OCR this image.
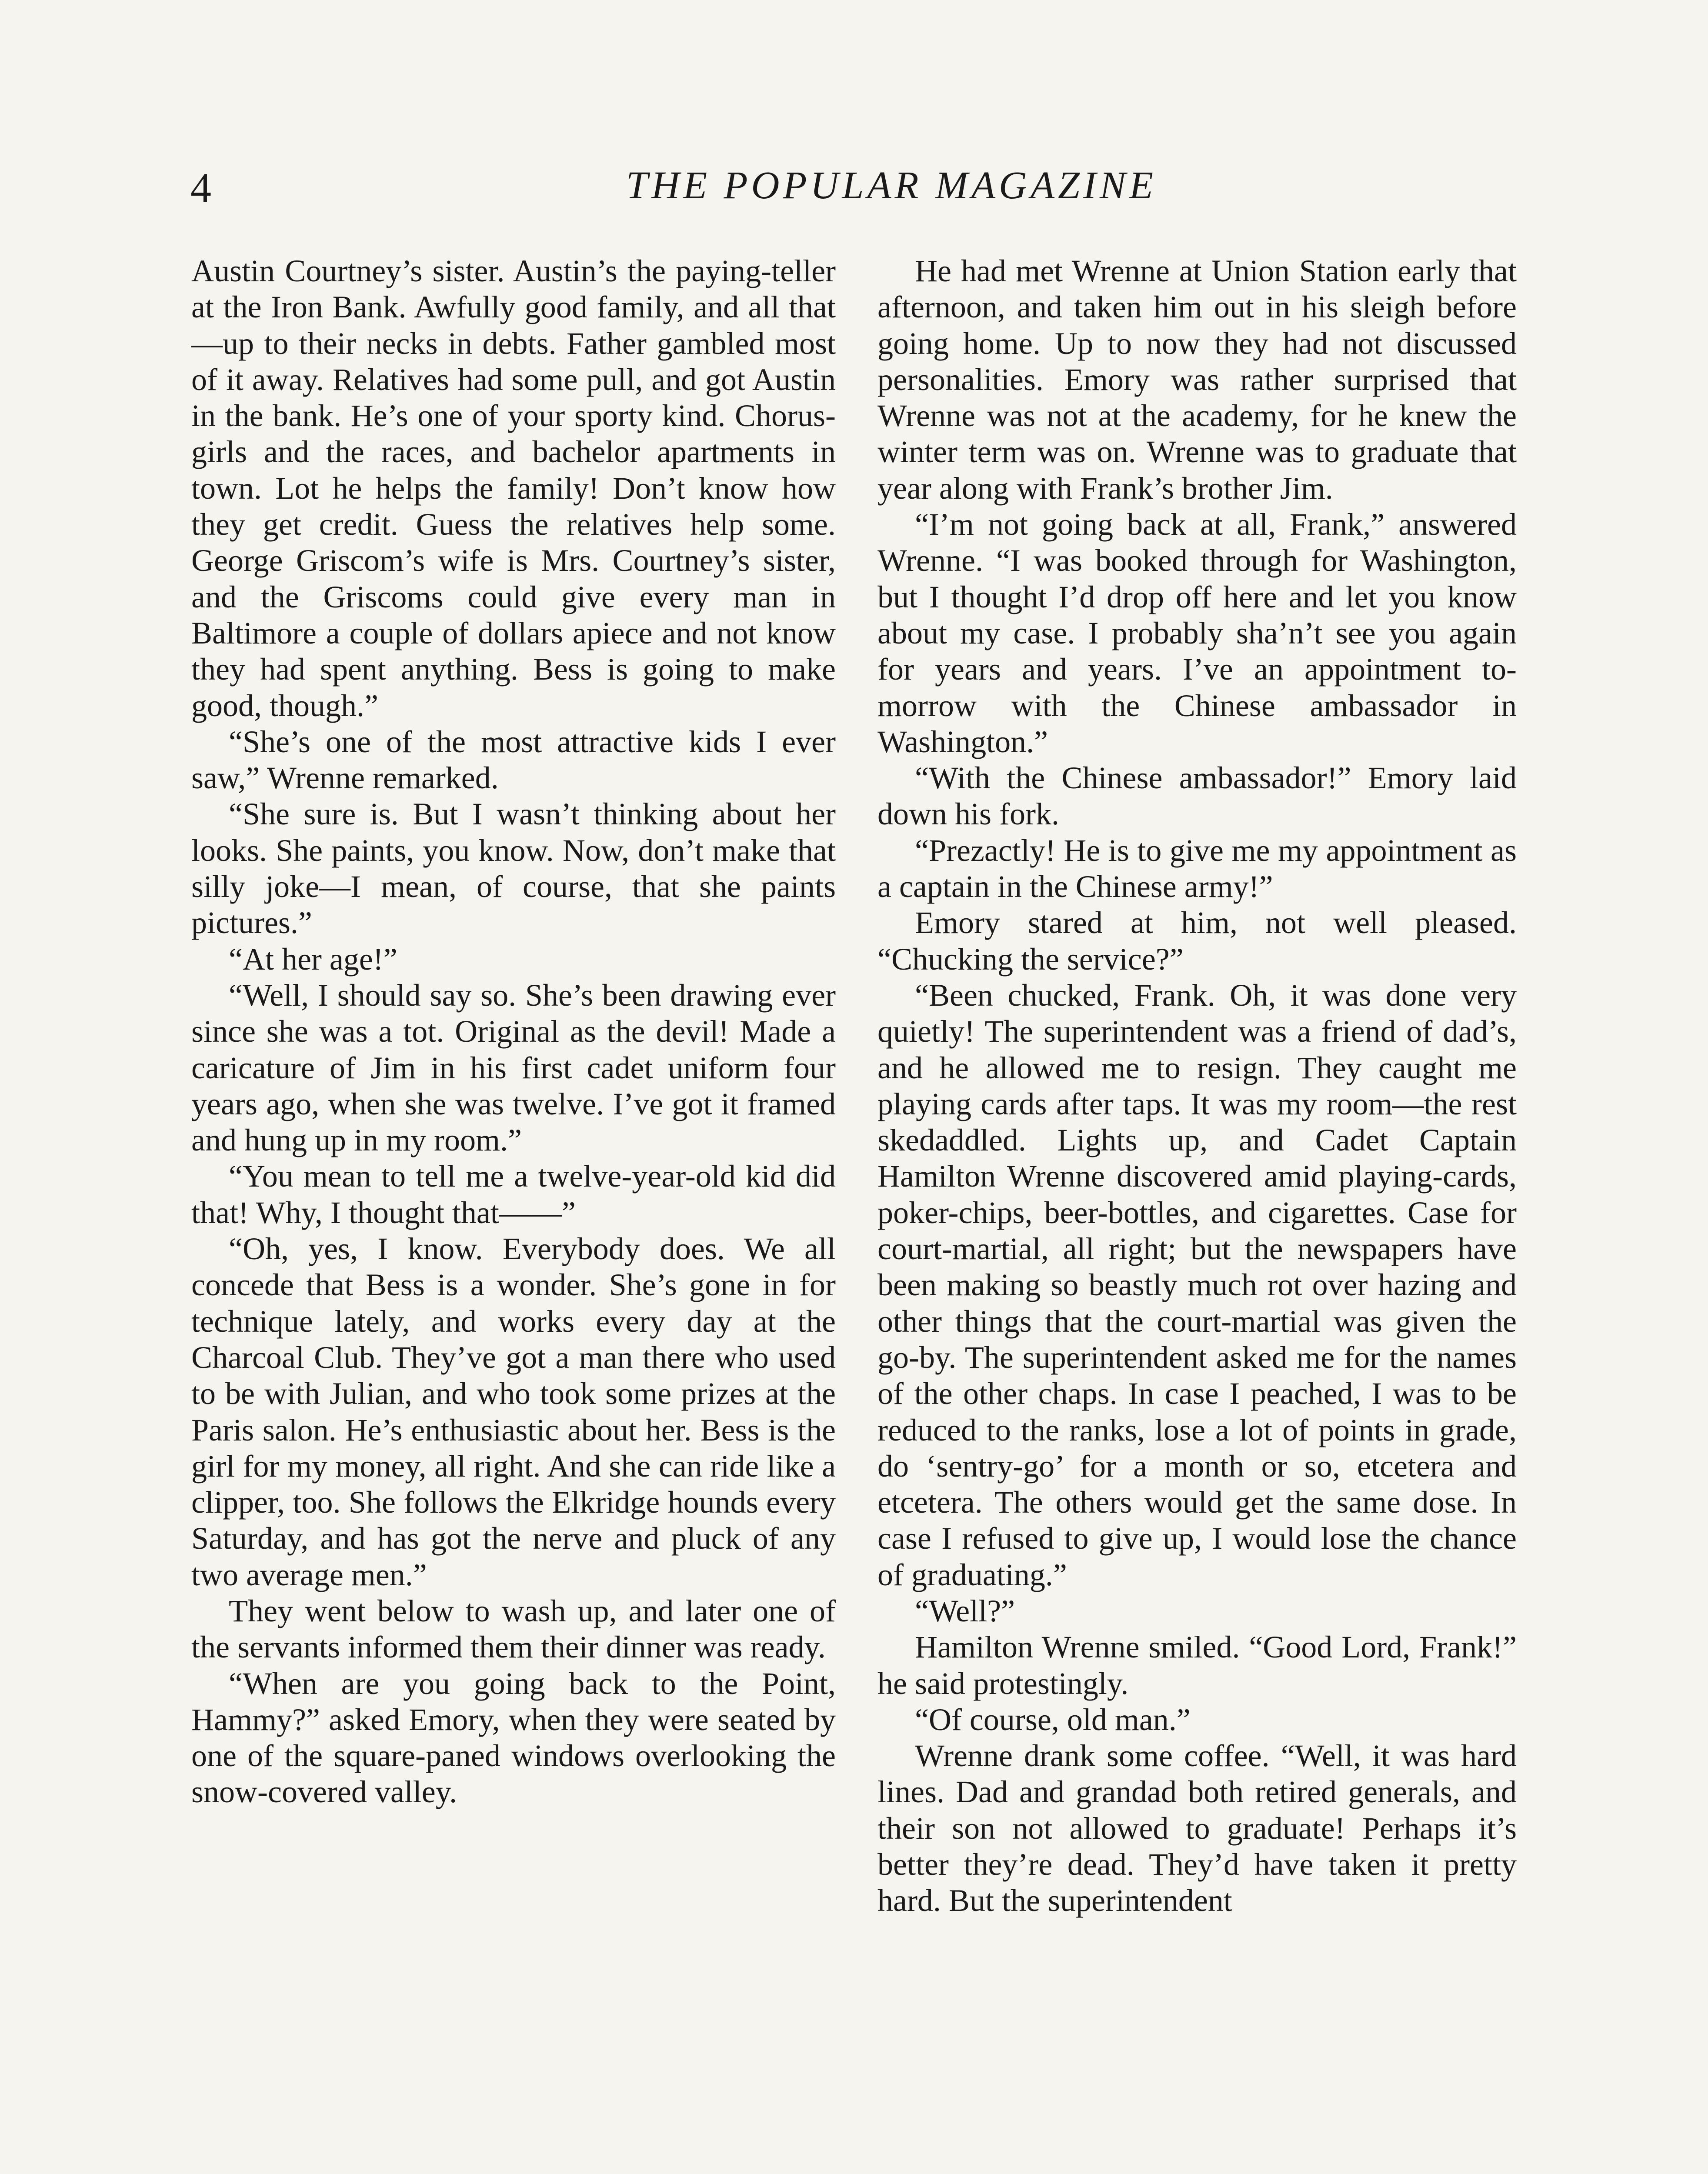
4	THE POPULAR MAGAZINE

Austin Courtney’s sister. Austin’s the paying-teller at the Iron Bank. Awfully good family, and all that—up to their necks in debts. Father gambled most of it away. Relatives had some pull, and got Austin in the bank. He’s one of your sporty kind. Chorus-girls and the races, and bachelor apartments in town. Lot he helps the family! Don’t know how they get credit. Guess the relatives help some. George Griscom’s wife is Mrs. Courtney’s sister, and the Griscoms could give every man in Baltimore a couple of dollars apiece and not know they had spent anything. Bess is going to make good, though.”

“She’s one of the most attractive kids I ever saw,” Wrenne remarked.

“She sure is. But I wasn’t thinking about her looks. She paints, you know. Now, don’t make that silly joke—I mean, of course, that she paints pictures.”

“At her age!”

“Well, I should say so. She’s been drawing ever since she was a tot. Original as the devil! Made a caricature of Jim in his first cadet uniform four years ago, when she was twelve. I’ve got it framed and hung up in my room.”

“You mean to tell me a twelve-year-old kid did that! Why, I thought that——”

“Oh, yes, I know. Everybody does. We all concede that Bess is a wonder. She’s gone in for technique lately, and works every day at the Charcoal Club. They’ve got a man there who used to be with Julian, and who took some prizes at the Paris salon. He’s enthusiastic about her. Bess is the girl for my money, all right. And she can ride like a clipper, too. She follows the Elkridge hounds every Saturday, and has got the nerve and pluck of any two average men.”

They went below to wash up, and later one of the servants informed them their dinner was ready.

“When are you going back to the Point, Hammy?” asked Emory, when they were seated by one of the square-paned windows overlooking the snow-covered valley.

He had met Wrenne at Union Station early that afternoon, and taken him out in his sleigh before going home. Up to now they had not discussed personalities. Emory was rather surprised that Wrenne was not at the academy, for he knew the winter term was on. Wrenne was to graduate that year along with Frank’s brother Jim.

“I’m not going back at all, Frank,” answered Wrenne. “I was booked through for Washington, but I thought I’d drop off here and let you know about my case. I probably sha’n’t see you again for years and years. I’ve an appointment to-morrow with the Chinese ambassador in Washington.”

“With the Chinese ambassador!” Emory laid down his fork.

“Prezactly! He is to give me my appointment as a captain in the Chinese army!”

Emory stared at him, not well pleased. “Chucking the service?”

“Been chucked, Frank. Oh, it was done very quietly! The superintendent was a friend of dad’s, and he allowed me to resign. They caught me playing cards after taps. It was my room—the rest skedaddled. Lights up, and Cadet Captain Hamilton Wrenne discovered amid playing-cards, poker-chips, beer-bottles, and cigarettes. Case for court-martial, all right; but the newspapers have been making so beastly much rot over hazing and other things that the court-martial was given the go-by. The superintendent asked me for the names of the other chaps. In case I peached, I was to be reduced to the ranks, lose a lot of points in grade, do ‘sentry-go’ for a month or so, etcetera and etcetera. The others would get the same dose. In case I refused to give up, I would lose the chance of graduating.”

“Well?”

Hamilton Wrenne smiled. “Good Lord, Frank!” he said protestingly.

“Of course, old man.”

Wrenne drank some coffee. “Well, it was hard lines. Dad and grandad both retired generals, and their son not allowed to graduate! Perhaps it’s better they’re dead. They’d have taken it pretty hard. But the superintendent
